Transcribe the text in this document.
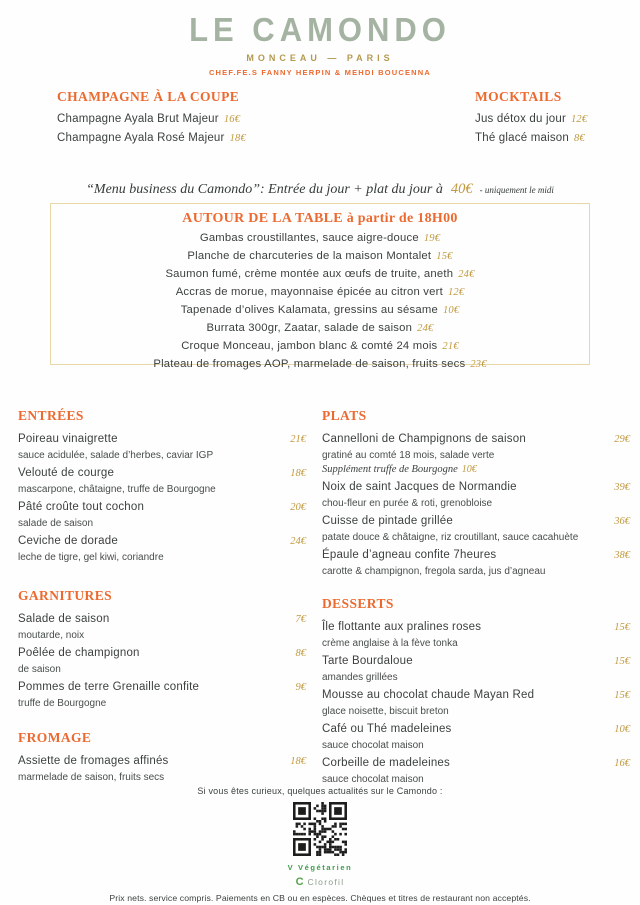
LE CAMONDO
MONCEAU — PARIS
CHEF.FE.S FANNY HERPIN & MEHDI BOUCENNA
CHAMPAGNE À LA COUPE
Champagne Ayala Brut Majeur 16€
Champagne Ayala Rosé Majeur 18€
MOCKTAILS
Jus détox du jour 12€
Thé glacé maison 8€
“Menu business du Camondo”: Entrée du jour + plat du jour à 40€ - uniquement le midi
AUTOUR DE LA TABLE à partir de 18H00
Gambas croustillantes, sauce aigre-douce 19€
Planche de charcuteries de la maison Montalet 15€
Saumon fumé, crème montée aux œufs de truite, aneth 24€
Accras de morue, mayonnaise épicée au citron vert 12€
Tapenade d’olives Kalamata, gressins au sésame 10€
Burrata 300gr, Zaatar, salade de saison 24€
Croque Monceau, jambon blanc & comté 24 mois 21€
Plateau de fromages AOP, marmelade de saison, fruits secs 23€
ENTRÉES
Poireau vinaigrette	21€
sauce acidulée, salade d’herbes, caviar IGP
Velouté de courge	18€
mascarpone, châtaigne, truffe de Bourgogne
Pâté croûte tout cochon	20€
salade de saison
Ceviche de dorade	24€
leche de tigre, gel kiwi, coriandre
GARNITURES
Salade de saison	7€
moutarde, noix
Poêlée de champignon	8€
de saison
Pommes de terre Grenaille confite	9€
truffe de Bourgogne
FROMAGE
Assiette de fromages affinés	18€
marmelade de saison, fruits secs
PLATS
Cannelloni de Champignons de saison	29€
gratiné au comté 18 mois, salade verte
Supplément truffe de Bourgogne 10€
Noix de saint Jacques de Normandie	39€
chou-fleur en purée & roti, grenobloise
Cuisse de pintade grillée	36€
patate douce & châtaigne, riz croutillant, sauce cacahuète
Épaule d’agneau confite 7heures	38€
carotte & champignon, fregola sarda, jus d’agneau
DESSERTS
Île flottante aux pralines roses	15€
crème anglaise à la fève tonka
Tarte Bourdaloue	15€
amandes grillées
Mousse au chocolat chaude Mayan Red	15€
glace noisette, biscuit breton
Café ou Thé madeleines	10€
sauce chocolat maison
Corbeille de madeleines	16€
sauce chocolat maison
Si vous êtes curieux, quelques actualités sur le Camondo :
V Végétarien
C Clorofil
Prix nets. service compris. Paiements en CB ou en espèces. Chèques et titres de restaurant non acceptés.
